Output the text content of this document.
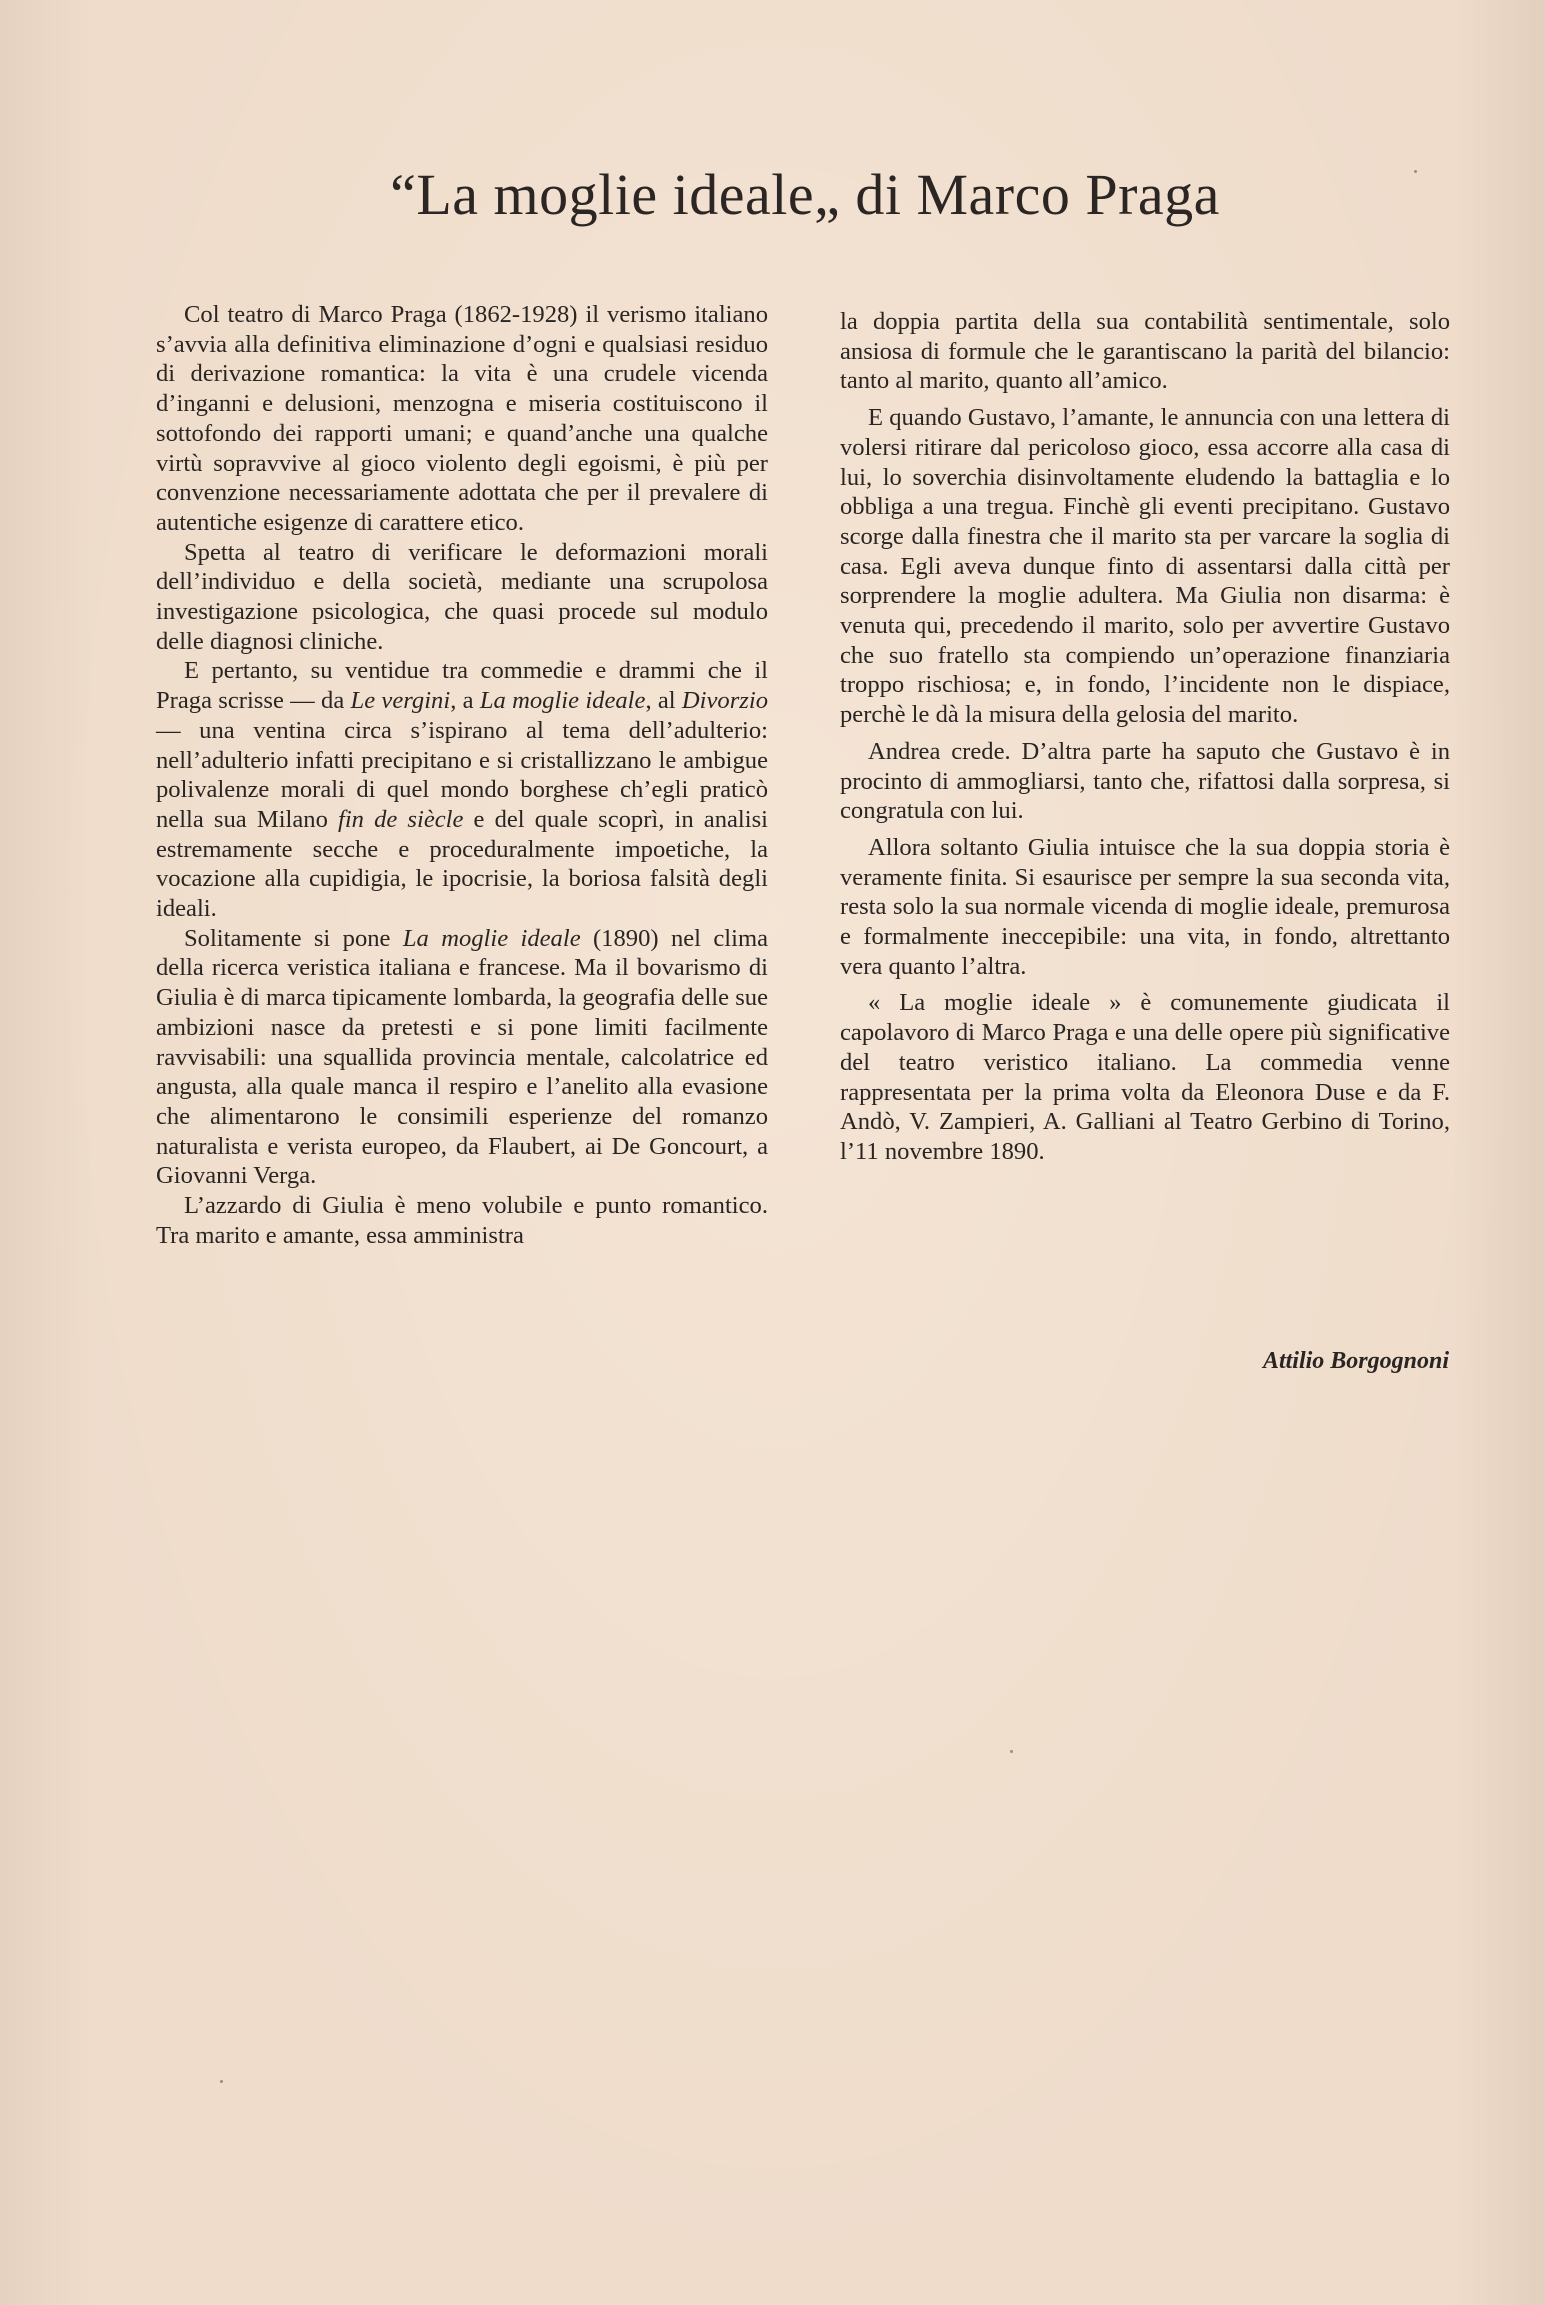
“La moglie ideale„ di Marco Praga

Col teatro di Marco Praga (1862-1928) il verismo italiano s’avvia alla definitiva eliminazione d’ogni e qualsiasi residuo di derivazione romantica: la vita è una crudele vicenda d’inganni e delusioni, menzogna e miseria costituiscono il sottofondo dei rapporti umani; e quand’anche una qualche virtù sopravvive al gioco violento degli egoismi, è più per convenzione necessariamente adottata che per il prevalere di autentiche esigenze di carattere etico.

Spetta al teatro di verificare le deformazioni morali dell’individuo e della società, mediante una scrupolosa investigazione psicologica, che quasi procede sul modulo delle diagnosi cliniche.

E pertanto, su ventidue tra commedie e drammi che il Praga scrisse — da Le vergini, a La moglie ideale, al Divorzio — una ventina circa s’ispirano al tema dell’adulterio: nell’adulterio infatti precipitano e si cristallizzano le ambigue polivalenze morali di quel mondo borghese ch’egli praticò nella sua Milano fin de siècle e del quale scoprì, in analisi estremamente secche e proceduralmente impoetiche, la vocazione alla cupidigia, le ipocrisie, la boriosa falsità degli ideali.

Solitamente si pone La moglie ideale (1890) nel clima della ricerca veristica italiana e francese. Ma il bovarismo di Giulia è di marca tipicamente lombarda, la geografia delle sue ambizioni nasce da pretesti e si pone limiti facilmente ravvisabili: una squallida provincia mentale, calcolatrice ed angusta, alla quale manca il respiro e l’anelito alla evasione che alimentarono le consimili esperienze del romanzo naturalista e verista europeo, da Flaubert, ai De Goncourt, a Giovanni Verga.

L’azzardo di Giulia è meno volubile e punto romantico. Tra marito e amante, essa amministra

la doppia partita della sua contabilità sentimentale, solo ansiosa di formule che le garantiscano la parità del bilancio: tanto al marito, quanto all’amico.

E quando Gustavo, l’amante, le annuncia con una lettera di volersi ritirare dal pericoloso gioco, essa accorre alla casa di lui, lo soverchia disinvoltamente eludendo la battaglia e lo obbliga a una tregua. Finchè gli eventi precipitano. Gustavo scorge dalla finestra che il marito sta per varcare la soglia di casa. Egli aveva dunque finto di assentarsi dalla città per sorprendere la moglie adultera. Ma Giulia non disarma: è venuta qui, precedendo il marito, solo per avvertire Gustavo che suo fratello sta compiendo un’operazione finanziaria troppo rischiosa; e, in fondo, l’incidente non le dispiace, perchè le dà la misura della gelosia del marito.

Andrea crede. D’altra parte ha saputo che Gustavo è in procinto di ammogliarsi, tanto che, rifattosi dalla sorpresa, si congratula con lui.

Allora soltanto Giulia intuisce che la sua doppia storia è veramente finita. Si esaurisce per sempre la sua seconda vita, resta solo la sua normale vicenda di moglie ideale, premurosa e formalmente ineccepibile: una vita, in fondo, altrettanto vera quanto l’altra.

« La moglie ideale » è comunemente giudicata il capolavoro di Marco Praga e una delle opere più significative del teatro veristico italiano. La commedia venne rappresentata per la prima volta da Eleonora Duse e da F. Andò, V. Zampieri, A. Galliani al Teatro Gerbino di Torino, l’11 novembre 1890.

Attilio Borgognoni
